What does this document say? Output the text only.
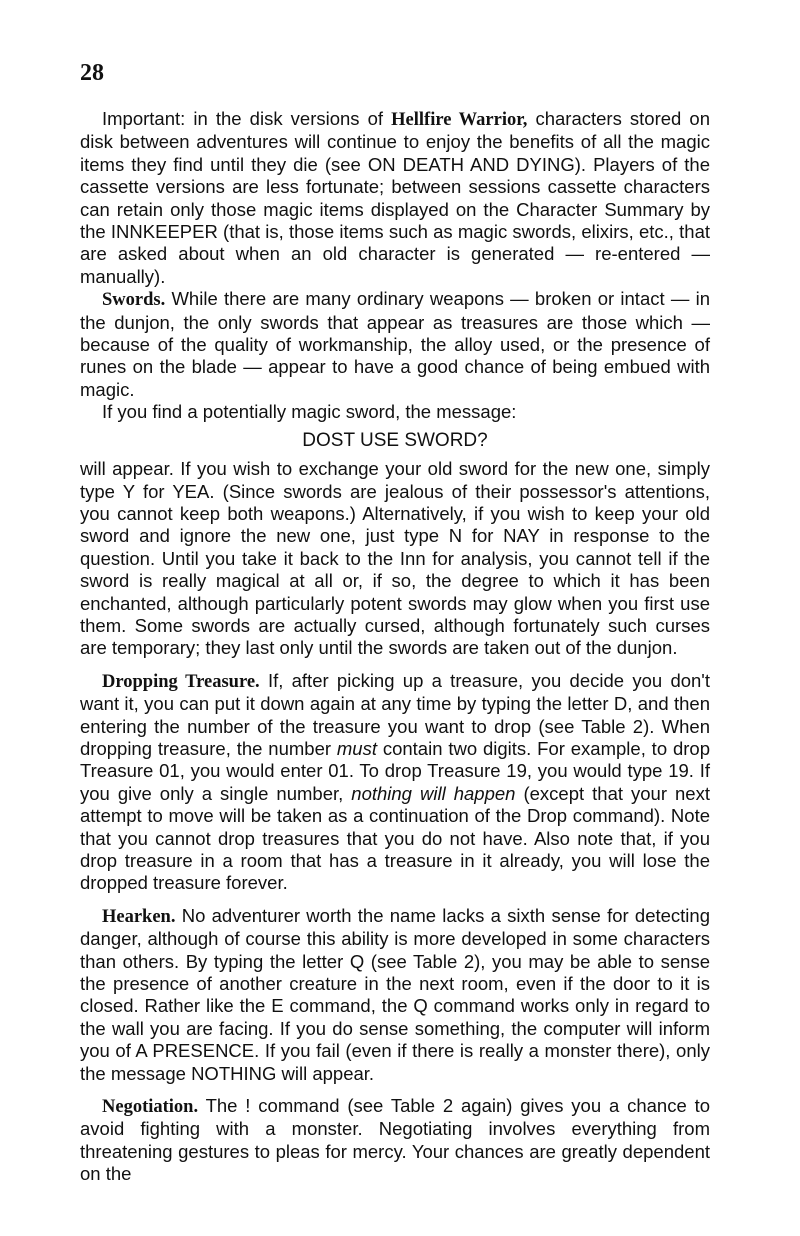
28

Important: in the disk versions of Hellfire Warrior, characters stored on disk between adventures will continue to enjoy the benefits of all the magic items they find until they die (see ON DEATH AND DYING). Players of the cassette versions are less fortunate; between sessions cassette characters can retain only those magic items displayed on the Character Summary by the INNKEEPER (that is, those items such as magic swords, elixirs, etc., that are asked about when an old character is generated — re-entered — manually).

Swords. While there are many ordinary weapons — broken or intact — in the dunjon, the only swords that appear as treasures are those which — because of the quality of workmanship, the alloy used, or the presence of runes on the blade — appear to have a good chance of being embued with magic.

If you find a potentially magic sword, the message:

DOST USE SWORD?

will appear. If you wish to exchange your old sword for the new one, simply type Y for YEA. (Since swords are jealous of their possessor's attentions, you cannot keep both weapons.) Alternatively, if you wish to keep your old sword and ignore the new one, just type N for NAY in response to the question. Until you take it back to the Inn for analysis, you cannot tell if the sword is really magical at all or, if so, the degree to which it has been enchanted, although particularly potent swords may glow when you first use them. Some swords are actually cursed, although fortunately such curses are temporary; they last only until the swords are taken out of the dunjon.

Dropping Treasure. If, after picking up a treasure, you decide you don't want it, you can put it down again at any time by typing the letter D, and then entering the number of the treasure you want to drop (see Table 2). When dropping treasure, the number must contain two digits. For example, to drop Treasure 01, you would enter 01. To drop Treasure 19, you would type 19. If you give only a single number, nothing will happen (except that your next attempt to move will be taken as a continuation of the Drop command). Note that you cannot drop treasures that you do not have. Also note that, if you drop treasure in a room that has a treasure in it already, you will lose the dropped treasure forever.

Hearken. No adventurer worth the name lacks a sixth sense for detecting danger, although of course this ability is more developed in some characters than others. By typing the letter Q (see Table 2), you may be able to sense the presence of another creature in the next room, even if the door to it is closed. Rather like the E command, the Q command works only in regard to the wall you are facing. If you do sense something, the computer will inform you of A PRESENCE. If you fail (even if there is really a monster there), only the message NOTHING will appear.

Negotiation. The ! command (see Table 2 again) gives you a chance to avoid fighting with a monster. Negotiating involves everything from threatening gestures to pleas for mercy. Your chances are greatly dependent on the
